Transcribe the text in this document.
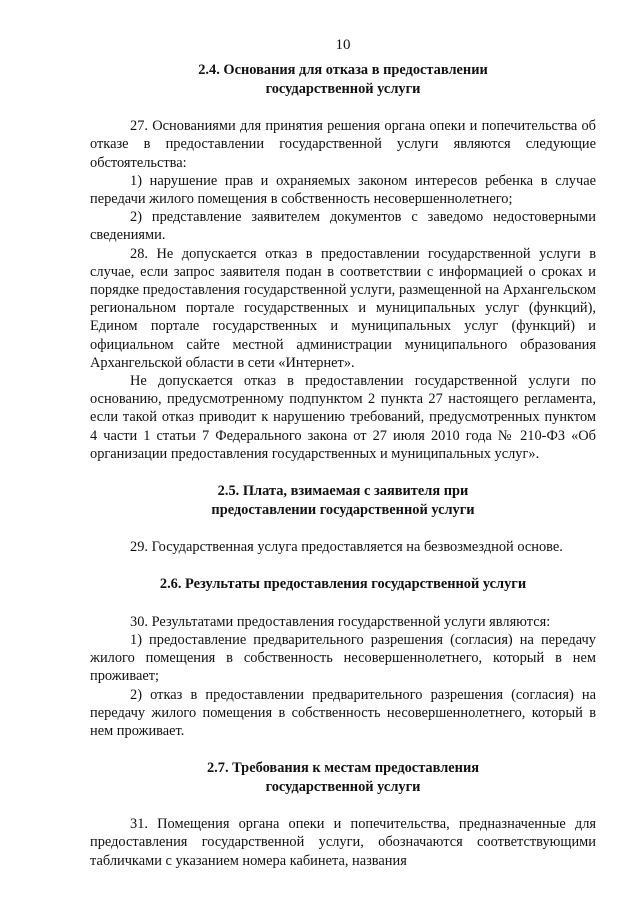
10
2.4. Основания для отказа в предоставлении
государственной услуги

27. Основаниями для принятия решения органа опеки и попечительства об отказе в предоставлении государственной услуги являются следующие обстоятельства:

1) нарушение прав и охраняемых законом интересов ребенка в случае передачи жилого помещения в собственность несовершеннолетнего;

2) представление заявителем документов с заведомо недостоверными сведениями.

28. Не допускается отказ в предоставлении государственной услуги в случае, если запрос заявителя подан в соответствии с информацией о сроках и порядке предоставления государственной услуги, размещенной на Архангельском региональном портале государственных и муниципальных услуг (функций), Едином портале государственных и муниципальных услуг (функций) и официальном сайте местной администрации муниципального образования Архангельской области в сети «Интернет».

Не допускается отказ в предоставлении государственной услуги по основанию, предусмотренному подпунктом 2 пункта 27 настоящего регламента, если такой отказ приводит к нарушению требований, предусмотренных пунктом 4 части 1 статьи 7 Федерального закона от 27 июля 2010 года № 210-ФЗ «Об организации предоставления государственных и муниципальных услуг».

2.5. Плата, взимаемая с заявителя при
предоставлении государственной услуги

29. Государственная услуга предоставляется на безвозмездной основе.

2.6. Результаты предоставления государственной услуги

30. Результатами предоставления государственной услуги являются:

1) предоставление предварительного разрешения (согласия) на передачу жилого помещения в собственность несовершеннолетнего, который в нем проживает;

2) отказ в предоставлении предварительного разрешения (согласия) на передачу жилого помещения в собственность несовершеннолетнего, который в нем проживает.

2.7. Требования к местам предоставления
государственной услуги

31. Помещения органа опеки и попечительства, предназначенные для предоставления государственной услуги, обозначаются соответствующими табличками с указанием номера кабинета, названия
